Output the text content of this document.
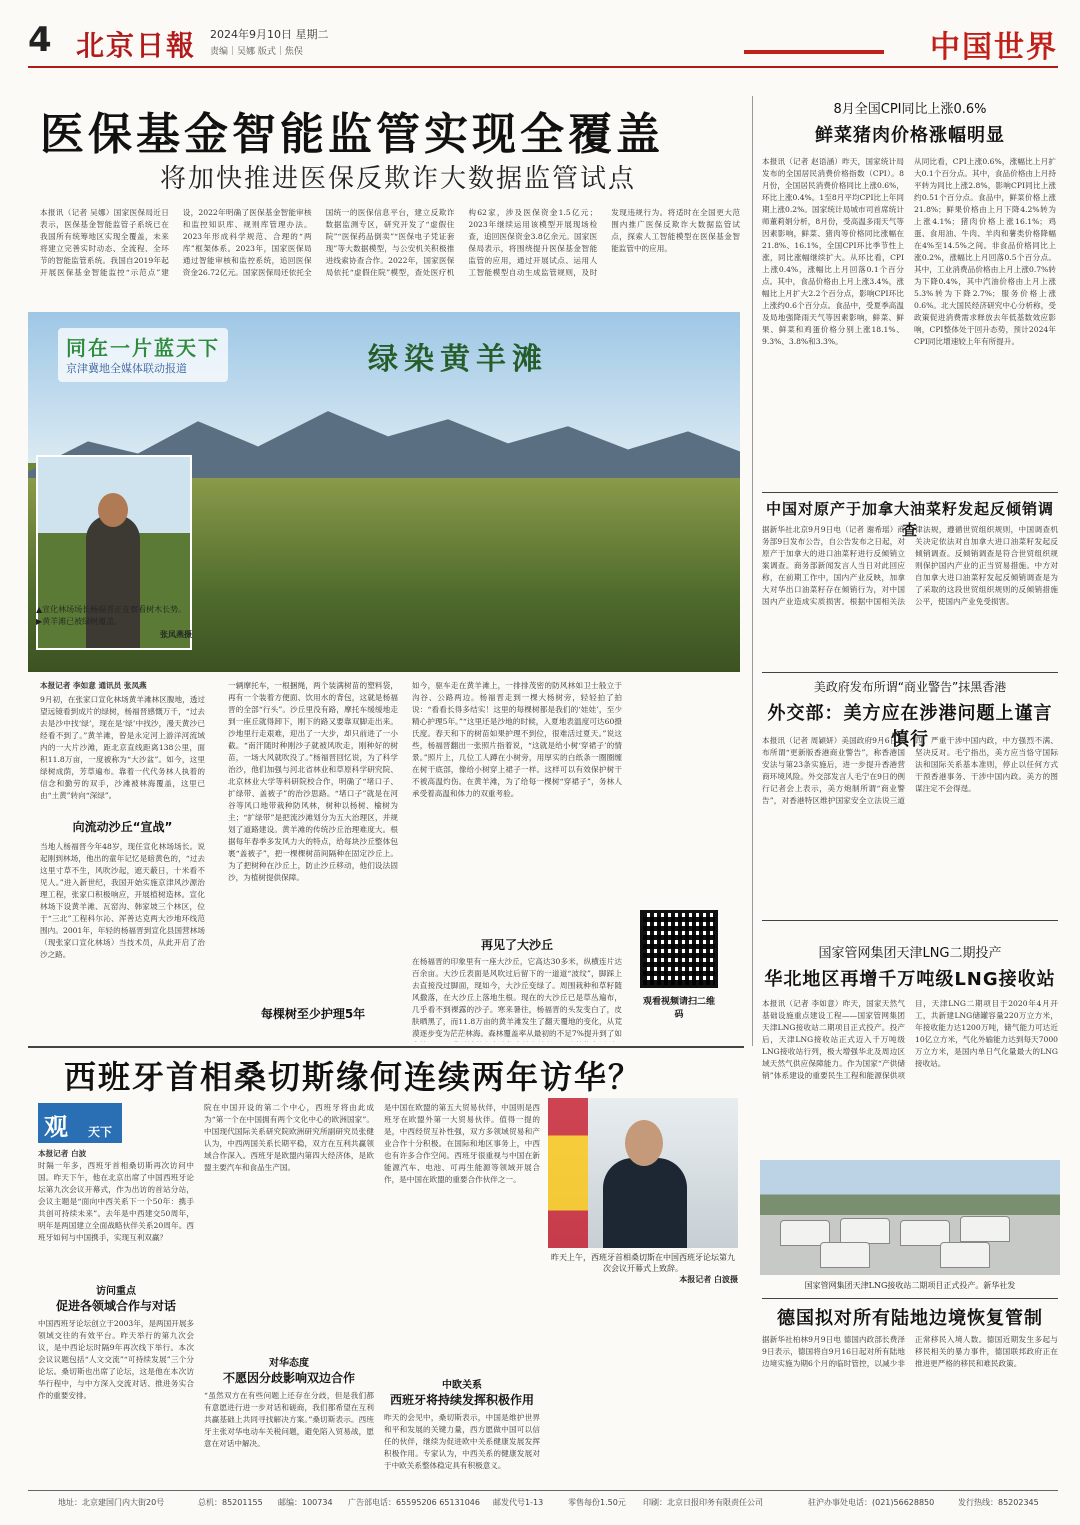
4 北京日報 2024年9月10日 星期二
责编｜吴娜 版式｜焦俣	中国世界
医保基金智能监管实现全覆盖
将加快推进医保反欺诈大数据监管试点
本报讯（记者 吴娜）国家医保局近日表示，医保基金智能监管子系统已在我国所有统筹地区实现全覆盖，未来将建立完善实时动态、全流程、全环节的智能监管系统。我国自2019年起开展医保基金智能监控“示范点”建设，2022年明确了医保基金智能审核和监控知识库、规则库管理办法。2023年形成科学规范、合理的“两库”框架体系。2023年，国家医保局通过智能审核和监控系统，追回医保资金26.72亿元。国家医保局还依托全国统一的医保信息平台，建立反欺诈数据监测专区，研究开发了“虚假住院”“医保药品倒卖”“医保电子凭证套现”等大数据模型，与公安机关积极推进线索协查合作。2022年，国家医保局依托“虚假住院”模型，查处医疗机构62家，涉及医保资金1.5亿元；2023年继续运用该模型开展现场检查，追回医保资金3.8亿余元。国家医保局表示，将围绕提升医保基金智能监管的应用，通过开展试点、运用人工智能模型自动生成监管规则，及时发现违规行为。将适时在全国更大范围内推广医保反欺诈大数据监管试点，探索人工智能模型在医保基金智能监管中的应用。
8月全国CPI同比上涨0.6%
鲜菜猪肉价格涨幅明显
本报讯（记者 赵语涵）昨天，国家统计局发布的全国居民消费价格指数（CPI）。8月份，全国居民消费价格同比上涨0.6%，环比上涨0.4%。1至8月平均CPI比上年同期上涨0.2%。国家统计局城市司首席统计师董莉娟分析，8月份，受高温多雨天气等因素影响，鲜菜、猪肉等价格同比涨幅在21.8%、16.1%，全国CPI环比季节性上涨，同比涨幅继续扩大。从环比看，CPI上涨0.4%，涨幅比上月回落0.1个百分点。其中，食品价格由上月上涨3.4%，涨幅比上月扩大2.2个百分点，影响CPI环比上涨约0.6个百分点。食品中，受夏季高温及局地强降雨天气等因素影响，鲜菜、鲜果、鲜菜和鸡蛋价格分别上涨18.1%、9.3%、3.8%和3.3%。
从同比看，CPI上涨0.6%，涨幅比上月扩大0.1个百分点。其中，食品价格由上月持平转为同比上涨2.8%，影响CPI同比上涨约0.51个百分点。食品中，鲜菜价格上涨21.8%；鲜果价格由上月下降4.2%转为上涨4.1%；猪肉价格上涨16.1%；鸡蛋、食用油、牛肉、羊肉和薯类价格降幅在4%至14.5%之间。非食品价格同比上涨0.2%，涨幅比上月回落0.5个百分点。其中，工业消费品价格由上月上涨0.7%转为下降0.4%，其中汽油价格由上月上涨5.3%转为下降2.7%；服务价格上涨0.6%。北大国民经济研究中心分析称，受政策促进消费需求释放去年低基数效应影响，CPI整体处于回升态势，预计2024年CPI同比增速较上年有所提升。
中国对原产于加拿大油菜籽发起反倾销调查
据新华社北京9月9日电（记者 谢希瑶）商务部9日发布公告，自公告发布之日起，对原产于加拿大的进口油菜籽进行反倾销立案调查。商务部新闻发言人当日对此回应称，在前期工作中，国内产业反映，加拿大对华出口油菜籽存在倾销行为，对中国国内产业造成实质损害。根据中国相关法律法规，遵循世贸组织规则，中国调查机关决定依法对自加拿大进口油菜籽发起反倾销调查。反倾销调查是符合世贸组织规则保护国内产业的正当贸易措施。中方对自加拿大进口油菜籽发起反倾销调查是为了采取的这段世贸组织规则的反倾销措施公平，使国内产业免受损害。
美政府发布所谓“商业警告”抹黑香港
外交部：美方应在涉港问题上谨言慎行
本报讯（记者 周穎妍）美国政府9月6日发布所谓“更新版香港商业警告”，称香港国安法与第23条实施后，进一步提升香港营商环境风险。外交部发言人毛宁在9日的例行记者会上表示，美方炮制所谓“商业警告”，对香港特区维护国家安全立法说三道四，严重干涉中国内政，中方强烈不满、坚决反对。毛宁指出，美方应当恪守国际法和国际关系基本准则，停止以任何方式干预香港事务、干涉中国内政。美方的图谋注定不会得逞。
国家管网集团天津LNG二期投产
华北地区再增千万吨级LNG接收站
本报讯（记者 李如意）昨天，国家天然气基础设施重点建设工程——国家管网集团天津LNG接收站二期项目正式投产。投产后，天津LNG接收站正式迈入千万吨级LNG接收站行列，极大增强华北及周边区域天然气供应保障能力。作为国家“产供储销”体系建设的重要民生工程和能源保供项目，天津LNG二期项目于2020年4月开工，共新建LNG储罐容量220万立方米，年接收能力达1200万吨，储气能力可达近10亿立方米，气化外输能力达到每天7000万立方米，是国内单日气化量最大的LNG接收站。
国家管网集团天津LNG接收站二期项目正式投产。新华社发
德国拟对所有陆地边境恢复管制
据新华社柏林9月9日电 德国内政部长费泽9日表示，德国将自9月16日起对所有陆地边境实施为期6个月的临时管控，以减少非正常移民入境人数。德国近期发生多起与移民相关的暴力事件，德国联邦政府正在推进更严格的移民和难民政策。
同在一片蓝天下
京津冀地全媒体联动报道	绿染黄羊滩
▲宣化林场场长杨福晋正在察看树木长势。
▶黄羊滩已被绿树覆盖。
张凤燕摄
本报记者 李如意 通讯员 张凤燕
9月初，在张家口宣化林场黄羊滩林区腹地，透过望远镜看到成片的绿树，杨福晋感慨万千，“过去去是沙中找‘绿’，现在是‘绿’中找沙，漫天黄沙已经看不到了。”黄羊滩，曾是永定河上游洋河流域内的一大片沙滩，距北京直线距离138公里，面积11.8万亩，一度被称为“大沙盆”。如今，这里绿树成荫，芳草遍布。靠着一代代务林人执着的信念和勤劳的双手，沙滩被林海覆盖，这里已由“土黄”转向“深绿”。
向流动沙丘“宣战”
当地人杨福晋今年48岁，现任宣化林场场长。说起刚到林场，他出的童年记忆是暗黄色的，“过去这里寸草不生，风吹沙起，遮天蔽日，十米看不见人。”进入新世纪，我国开始实施京津风沙源治理工程，张家口积极响应，开展植树造林。宣化林场下设黄羊滩、瓦窑沟、韩家坡三个林区，位于“三北”工程科尔沁、浑善达克两大沙地环线范围内。2001年，年轻的杨福晋到宣化县国营林场（现张家口宣化林场）当技术员，从此开启了治沙之路。
一辆摩托车，一根捆绳，两个装满树苗的塑料袋，再有一个装着方便面、饮用水的背包，这就是杨福晋的全部“行头”。沙丘里没有路，摩托车缓缓地走到一座丘就得卸下，刚下的路又要靠双脚走出来。沙地里行走艰难，迎出了一大步，却只前进了一小截。“南汗随时种刚沙子就被风吹走，刚种好的树苗，一场大风就吹没了。”杨福晋回忆说，为了科学治沙，他们加强与河北省林业和草原科学研究院、北京林业大学等科研院校合作，明确了“堵口子、扩绿带、盖被子”的治沙思路。“堵口子”就是在河谷等风口地带栽种防风林，树种以杨树、榆树为主；“扩绿带”是把流沙滩划分为五大治理区，并规划了道路建设。黄羊滩的传统沙丘治理难度大。根据每年春季多发风力大的特点，给每块沙丘整体包裹“盖被子”，把一棵棵树苗间隔种在固定沙丘上。为了把树种在沙丘上，防止沙丘移动，他们设法固沙，为植树提供保障。
每棵树至少护理5年
如今，驱车走在黄羊滩上，一排排茂密的防风林如卫士般立于沟谷、公路两边。杨福晋走到一棵大杨树旁，轻轻拍了拍说：“看看长得多结实！这里的每棵树都是我们的‘娃娃’，至少精心护理5年。”“这里还是沙地的时候，入夏地表温度可达60摄氏度。春天和下的树苗如果护理不到位，很难活过夏天。”说这些，杨福晋翻出一张照片指着说，“这就是给小树‘穿裙子’的情景。”照片上，几位工人蹲在小树旁，用厚实的白纸条一圈圈缠在树干底部，像给小树穿上裙子一样。这样可以有效保护树干不被高温灼伤。在黄羊滩，为了给每一棵树“穿裙子”，务林人承受着高温和体力的双重考验。
再见了大沙丘
在杨福晋的印象里有一座大沙丘，它高达30多米，纵横连片达百余亩。大沙丘表面是风吹过后留下的一道道“波纹”，脚踩上去直接没过脚面，现如今，大沙丘变绿了。周围栽种和草籽随风撒落，在大沙丘上落地生根。现在的大沙丘已是草丛遍布，几乎看不到裸露的沙子。寒来暑往，杨福晋的头发变白了，皮肤晒黑了，而11.8万亩的黄羊滩发生了翻天覆地的变化，从荒漠逐步变为茫茫林海。森林覆盖率从最初的不足7%提升到了如
观看视频请扫二维码
西班牙首相桑切斯缘何连续两年访华？
观 天下
本报记者 白波
时隔一年多，西班牙首相桑切斯再次访问中国。昨天下午，他在北京出席了中国西班牙论坛第九次会议开幕式，作为出访的首站分站，会议主题是“面向中西关系下一个50年：携手共创可持续未来”。去年是中西建交50周年，明年是两国建立全面战略伙伴关系20周年。西班牙如何与中国携手，实现互利双赢？
访问重点
促进各领域合作与对话
中国西班牙论坛创立于2003年，是两国开展多领域交往的有效平台。昨天举行的第九次会议，是中西论坛时隔9年再次线下举行。本次会议议题包括“人文交流”“可持续发展”三个分论坛。桑切斯也出席了论坛，这是他在本次访华行程中，与中方深入交流对话、推进务实合作的重要安排。
院在中国开设的第二个中心，西班牙将由此成为“第一个在中国拥有两个文化中心的欧洲国家”。中国现代国际关系研究院欧洲研究所副研究员张健认为，中西两国关系长期平稳，双方在互利共赢领域合作深入。西班牙是欧盟内第四大经济体，是欧盟主要汽车和食品生产国。
对华态度
不愿因分歧影响双边合作
“虽然双方在有些问题上还存在分歧，但是我们都有意愿进行进一步对话和磋商，我们都希望在互利共赢基础上共同寻找解决方案。”桑切斯表示。西班牙主张对华电动车关税问题，避免陷入贸易战，愿意在对话中解决。
是中国在欧盟的第五大贸易伙伴，中国则是西班牙在欧盟外第一大贸易伙伴。值得一提的是，中西经贸互补性强，双方多领域贸易和产业合作十分积极。在国际和地区事务上，中西也有许多合作空间。西班牙很重视与中国在新能源汽车、电池、可再生能源等领域开展合作，是中国在欧盟的重要合作伙伴之一。
中欧关系
西班牙将持续发挥积极作用
昨天的会见中，桑切斯表示，中国是维护世界和平和发展的关键力量，西方愿做中国可以信任的伙伴，继续为促进欧中关系健康发展发挥积极作用。专家认为，中西关系的健康发展对于中欧关系整体稳定具有积极意义。
昨天上午，西班牙首相桑切斯在中国西班牙论坛第九次会议开幕式上致辞。
本报记者 白波摄
地址：北京建国门内大街20号	总机：85201155 邮编：100734 广告部电话：65595206 65131046 邮发代号1-13	零售每份1.50元 印刷：北京日报印务有限责任公司	驻沪办事处电话：(021)56628850	发行热线：85202345
